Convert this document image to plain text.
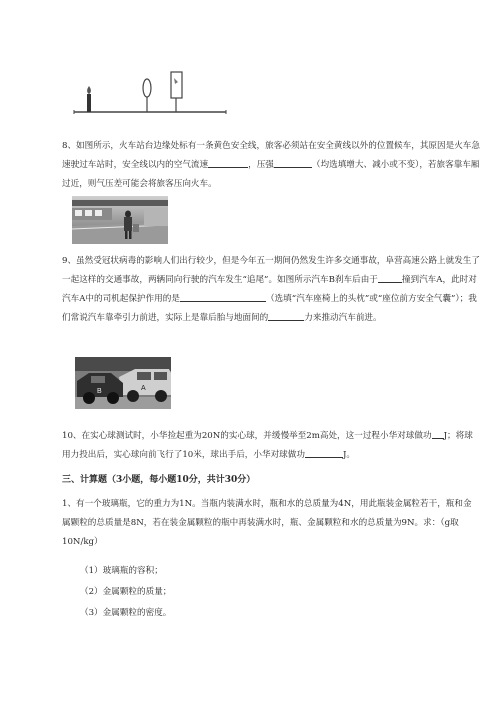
8、如图所示，火车站台边缘处标有一条黄色安全线，旅客必须站在安全黄线以外的位置候车，其原因是火车急速驶过车站时，安全线以内的空气流速	，压强	（均选填增大、减小或不变），若旅客靠车厢过近，则气压差可能会将旅客压向火车。

9、虽然受冠状病毒的影响人们出行较少，但是今年五一期间仍然发生许多交通事故，阜营高速公路上就发生了一起这样的交通事故，两辆同向行驶的汽车发生“追尾”。如图所示汽车B刹车后由于	撞到汽车A，此时对汽车A中的司机起保护作用的是	（选填“汽车座椅上的头枕”或“座位前方安全气囊”）；我们常说汽车靠牵引力前进，实际上是靠后胎与地面间的	力来推动汽车前进。

A
B

10、在实心球测试时，小华捡起重为20N的实心球，并缓慢举至2m高处，这一过程小华对球做功 J；将球用力投出后，实心球向前飞行了10米，球出手后，小华对球做功	J。

三、计算题（3小题，每小题10分，共计30分）

1、有一个玻璃瓶，它的重力为1N。当瓶内装满水时，瓶和水的总质量为4N，用此瓶装金属粒若干，瓶和金属颗粒的总质量是8N，若在装金属颗粒的瓶中再装满水时，瓶、金属颗粒和水的总质量为9N。求：（g取10N/kg）

（1）玻璃瓶的容积；

（2）金属颗粒的质量；

（3）金属颗粒的密度。
